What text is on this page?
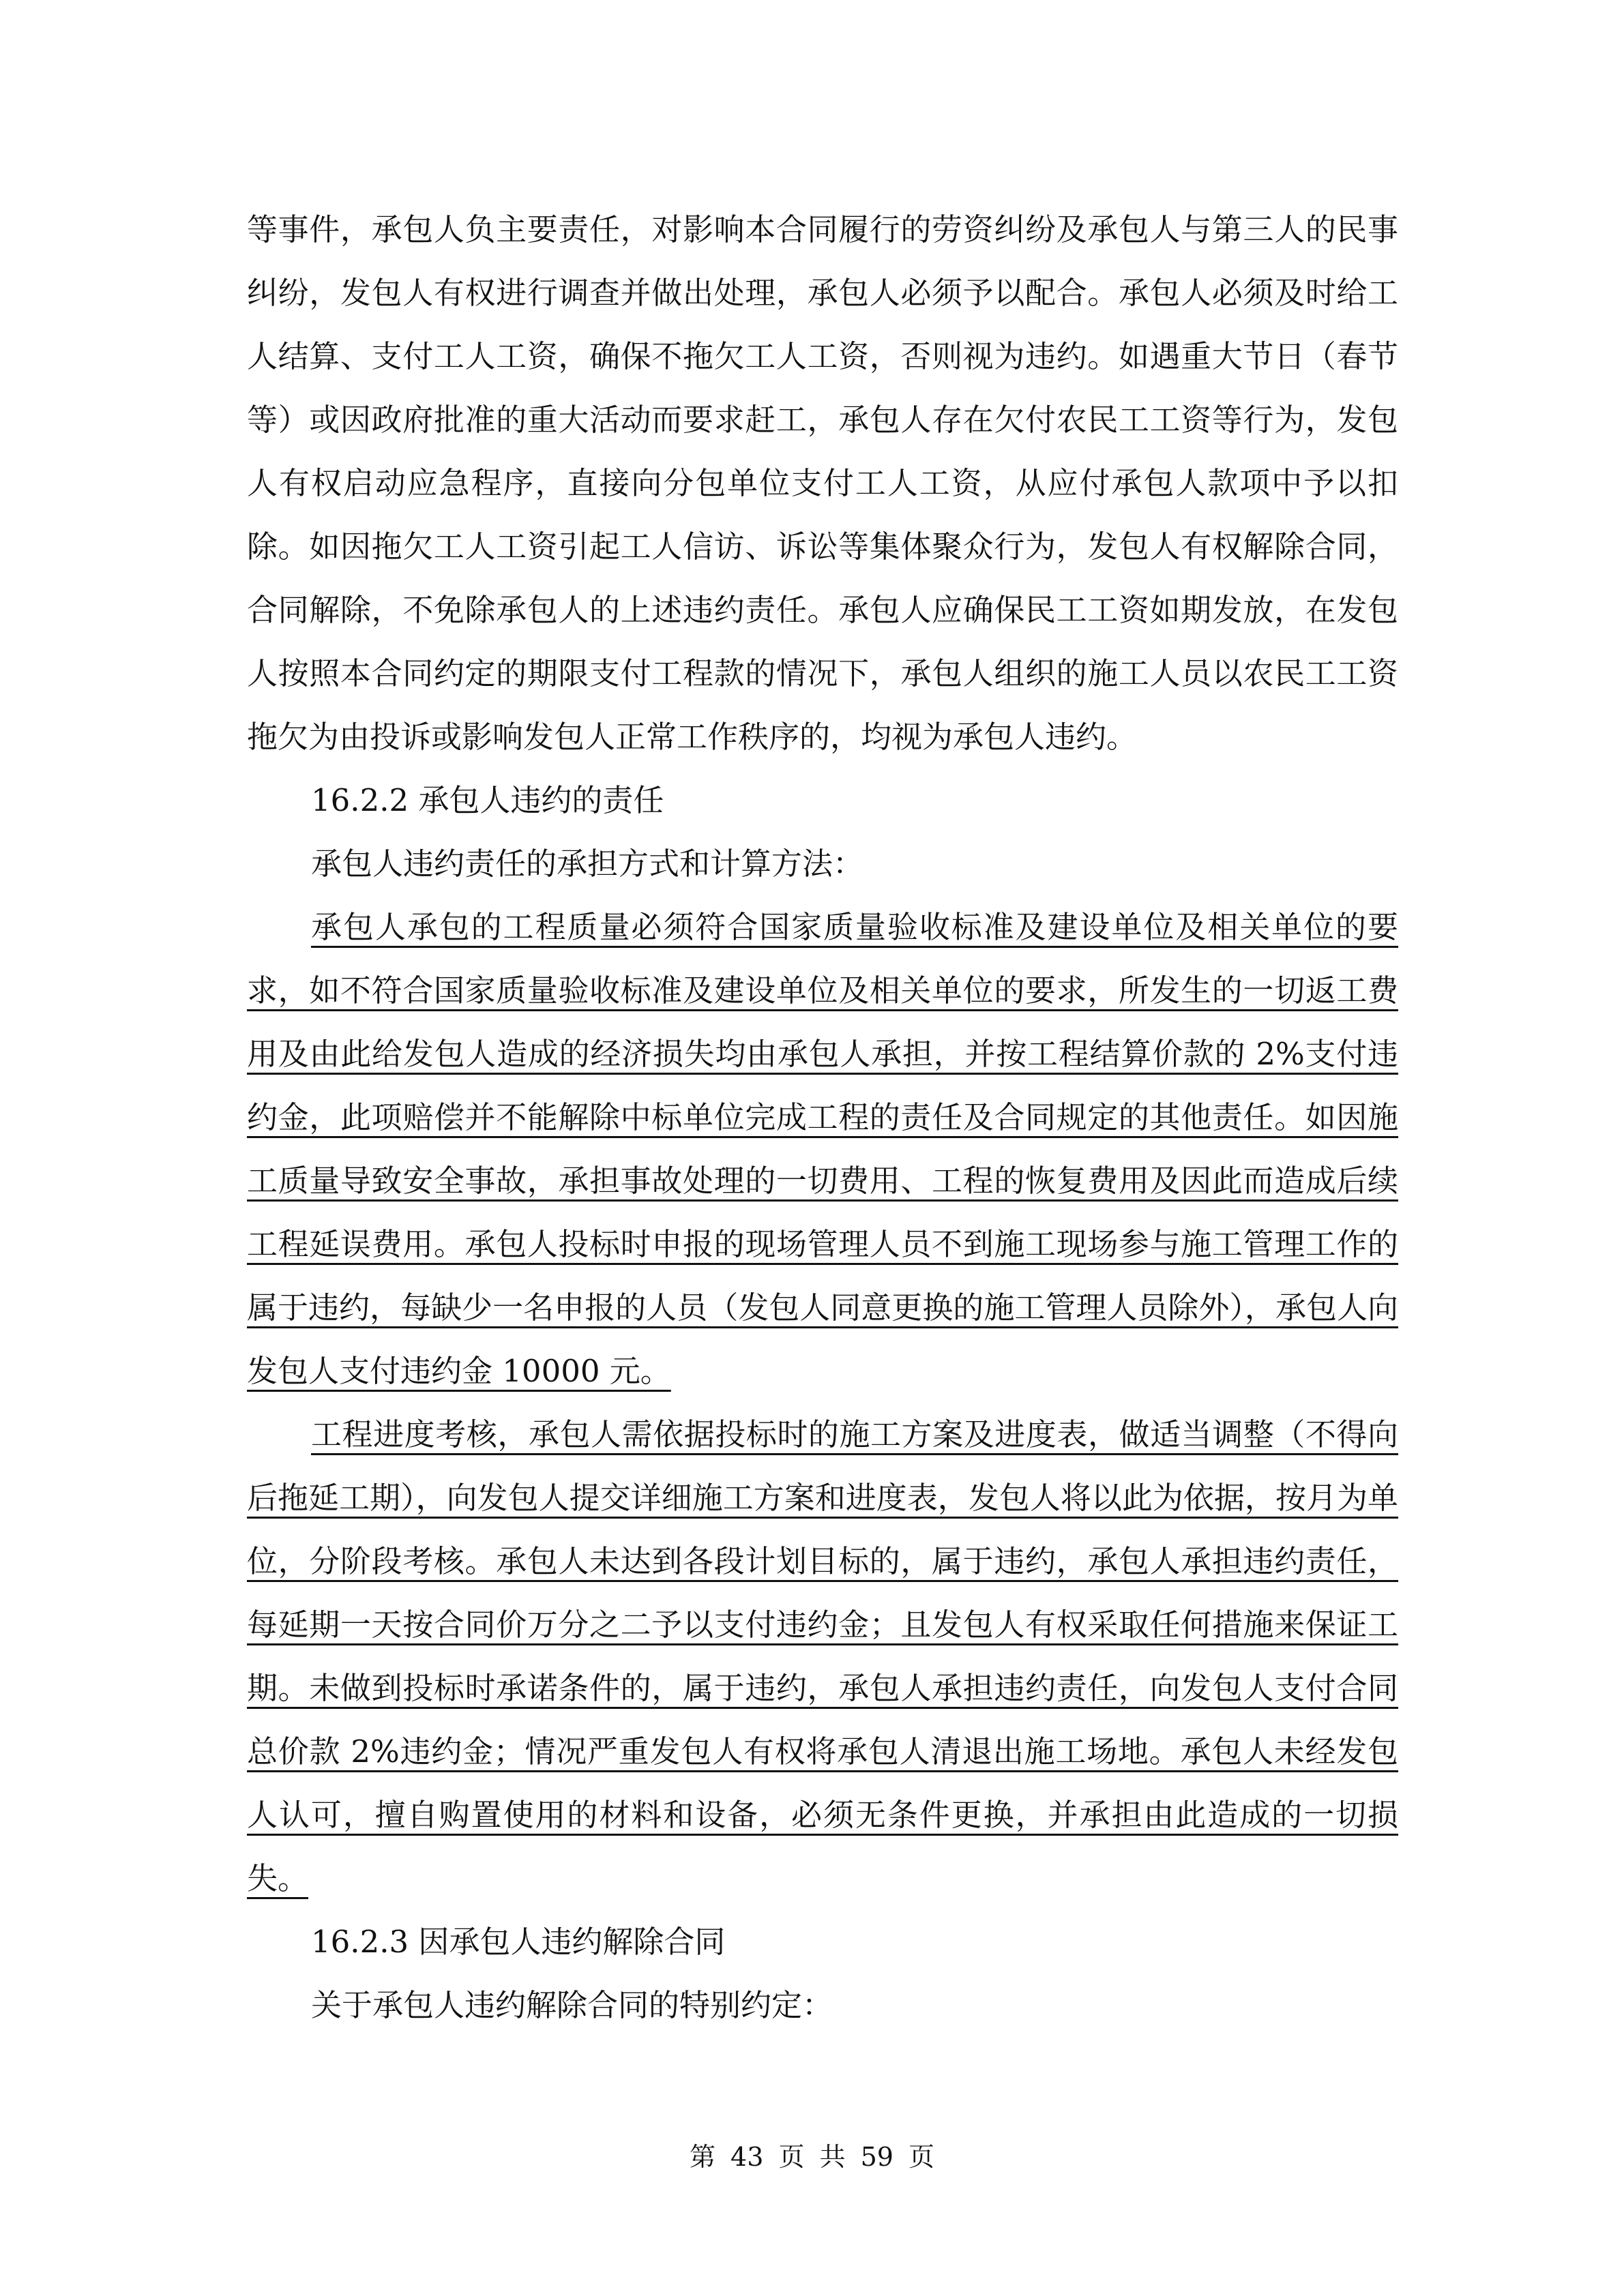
等事件，承包人负主要责任，对影响本合同履行的劳资纠纷及承包人与第三人的民事纠纷，发包人有权进行调查并做出处理，承包人必须予以配合。承包人必须及时给工人结算、支付工人工资，确保不拖欠工人工资，否则视为违约。如遇重大节日（春节等）或因政府批准的重大活动而要求赶工，承包人存在欠付农民工工资等行为，发包人有权启动应急程序，直接向分包单位支付工人工资，从应付承包人款项中予以扣除。如因拖欠工人工资引起工人信访、诉讼等集体聚众行为，发包人有权解除合同，合同解除，不免除承包人的上述违约责任。承包人应确保民工工资如期发放，在发包人按照本合同约定的期限支付工程款的情况下，承包人组织的施工人员以农民工工资拖欠为由投诉或影响发包人正常工作秩序的，均视为承包人违约。

16.2.2 承包人违约的责任

承包人违约责任的承担方式和计算方法：

承包人承包的工程质量必须符合国家质量验收标准及建设单位及相关单位的要求，如不符合国家质量验收标准及建设单位及相关单位的要求，所发生的一切返工费用及由此给发包人造成的经济损失均由承包人承担，并按工程结算价款的 2%支付违约金，此项赔偿并不能解除中标单位完成工程的责任及合同规定的其他责任。如因施工质量导致安全事故，承担事故处理的一切费用、工程的恢复费用及因此而造成后续工程延误费用。承包人投标时申报的现场管理人员不到施工现场参与施工管理工作的属于违约，每缺少一名申报的人员（发包人同意更换的施工管理人员除外），承包人向发包人支付违约金 10000 元。

工程进度考核，承包人需依据投标时的施工方案及进度表，做适当调整（不得向后拖延工期），向发包人提交详细施工方案和进度表，发包人将以此为依据，按月为单位，分阶段考核。承包人未达到各段计划目标的，属于违约，承包人承担违约责任，每延期一天按合同价万分之二予以支付违约金；且发包人有权采取任何措施来保证工期。未做到投标时承诺条件的，属于违约，承包人承担违约责任，向发包人支付合同总价款 2%违约金；情况严重发包人有权将承包人清退出施工场地。承包人未经发包人认可，擅自购置使用的材料和设备，必须无条件更换，并承担由此造成的一切损失。

16.2.3 因承包人违约解除合同

关于承包人违约解除合同的特别约定：

第 43 页 共 59 页
